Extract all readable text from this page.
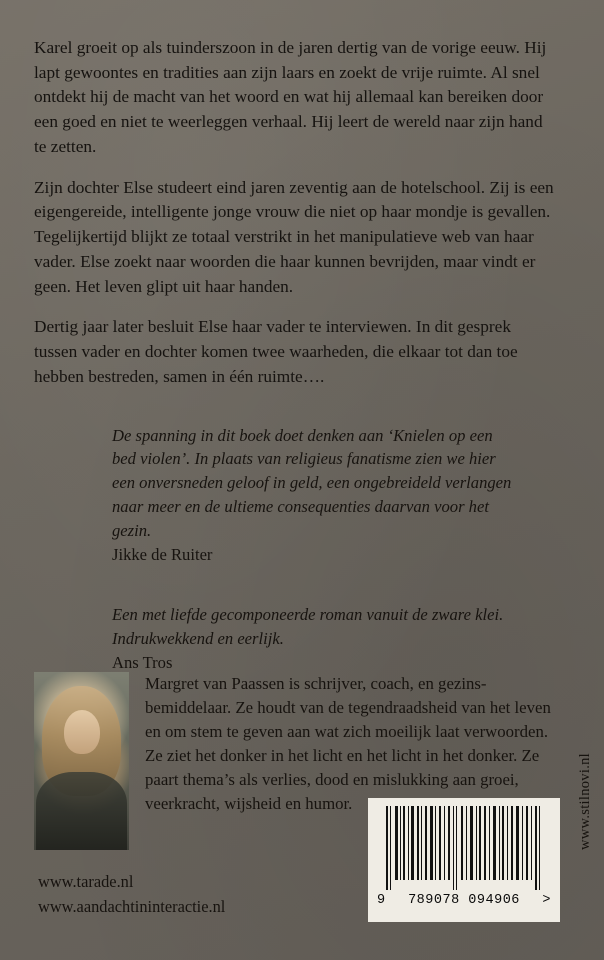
Karel groeit op als tuinderszoon in de jaren dertig van de vorige eeuw. Hij lapt gewoontes en tradities aan zijn laars en zoekt de vrije ruimte. Al snel ontdekt hij de macht van het woord en wat hij allemaal kan bereiken door een goed en niet te weerleggen verhaal. Hij leert de wereld naar zijn hand te zetten.

Zijn dochter Else studeert eind jaren zeventig aan de hotelschool. Zij is een eigengereide, intelligente jonge vrouw die niet op haar mondje is gevallen. Tegelijkertijd blijkt ze totaal verstrikt in het manipulatieve web van haar vader. Else zoekt naar woorden die haar kunnen bevrijden, maar vindt er geen. Het leven glipt uit haar handen.

Dertig jaar later besluit Else haar vader te interviewen. In dit gesprek tussen vader en dochter komen twee waarheden, die elkaar tot dan toe hebben bestreden, samen in één ruimte….

De spanning in dit boek doet denken aan ‘Knielen op een bed violen’. In plaats van religieus fanatisme zien we hier een onversneden geloof in geld, een ongebreideld verlangen naar meer en de ultieme consequenties daarvan voor het gezin.

Jikke de Ruiter

Een met liefde gecomponeerde roman vanuit de zware klei. Indrukwekkend en eerlijk.

Ans Tros

Margret van Paassen is schrijver, coach, en gezins-bemiddelaar. Ze houdt van de tegendraadsheid van het leven en om stem te geven aan wat zich moeilijk laat verwoorden. Ze ziet het donker in het licht en het licht in het donker. Ze paart thema’s als verlies, dood en mislukking aan groei, veerkracht, wijsheid en humor.

www.tarade.nl

www.aandachtininteractie.nl

www.stilnovi.nl
9 789078 094906 >
